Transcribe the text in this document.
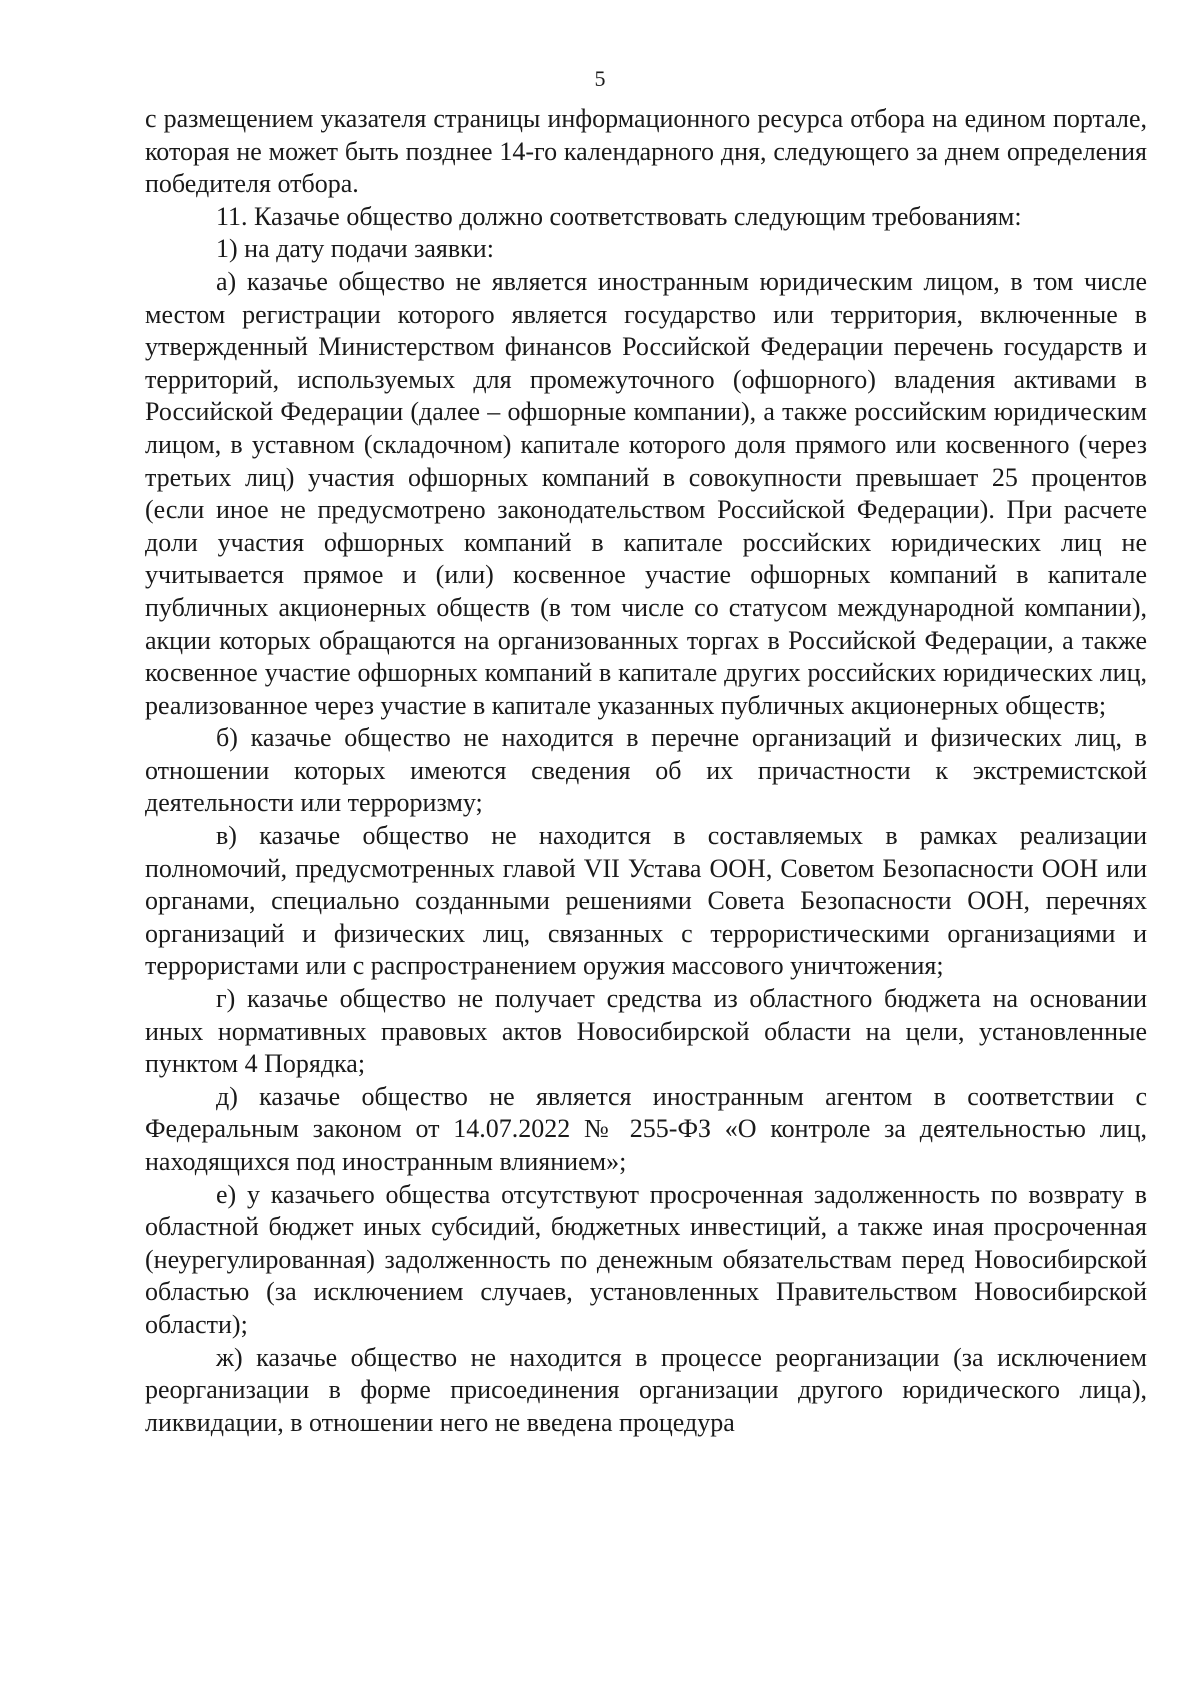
5

с размещением указателя страницы информационного ресурса отбора на едином портале, которая не может быть позднее 14-го календарного дня, следующего за днем определения победителя отбора.

11. Казачье общество должно соответствовать следующим требованиям:

1) на дату подачи заявки:

а) казачье общество не является иностранным юридическим лицом, в том числе местом регистрации которого является государство или территория, включенные в утвержденный Министерством финансов Российской Федерации перечень государств и территорий, используемых для промежуточного (офшорного) владения активами в Российской Федерации (далее – офшорные компании), а также российским юридическим лицом, в уставном (складочном) капитале которого доля прямого или косвенного (через третьих лиц) участия офшорных компаний в совокупности превышает 25 процентов (если иное не предусмотрено законодательством Российской Федерации). При расчете доли участия офшорных компаний в капитале российских юридических лиц не учитывается прямое и (или) косвенное участие офшорных компаний в капитале публичных акционерных обществ (в том числе со статусом международной компании), акции которых обращаются на организованных торгах в Российской Федерации, а также косвенное участие офшорных компаний в капитале других российских юридических лиц, реализованное через участие в капитале указанных публичных акционерных обществ;

б) казачье общество не находится в перечне организаций и физических лиц, в отношении которых имеются сведения об их причастности к экстремистской деятельности или терроризму;

в) казачье общество не находится в составляемых в рамках реализации полномочий, предусмотренных главой VII Устава ООН, Советом Безопасности ООН или органами, специально созданными решениями Совета Безопасности ООН, перечнях организаций и физических лиц, связанных с террористическими организациями и террористами или с распространением оружия массового уничтожения;

г) казачье общество не получает средства из областного бюджета на основании иных нормативных правовых актов Новосибирской области на цели, установленные пунктом 4 Порядка;

д) казачье общество не является иностранным агентом в соответствии с Федеральным законом от 14.07.2022 № 255-ФЗ «О контроле за деятельностью лиц, находящихся под иностранным влиянием»;

е) у казачьего общества отсутствуют просроченная задолженность по возврату в областной бюджет иных субсидий, бюджетных инвестиций, а также иная просроченная (неурегулированная) задолженность по денежным обязательствам перед Новосибирской областью (за исключением случаев, установленных Правительством Новосибирской области);

ж) казачье общество не находится в процессе реорганизации (за исключением реорганизации в форме присоединения организации другого юридического лица), ликвидации, в отношении него не введена процедура
